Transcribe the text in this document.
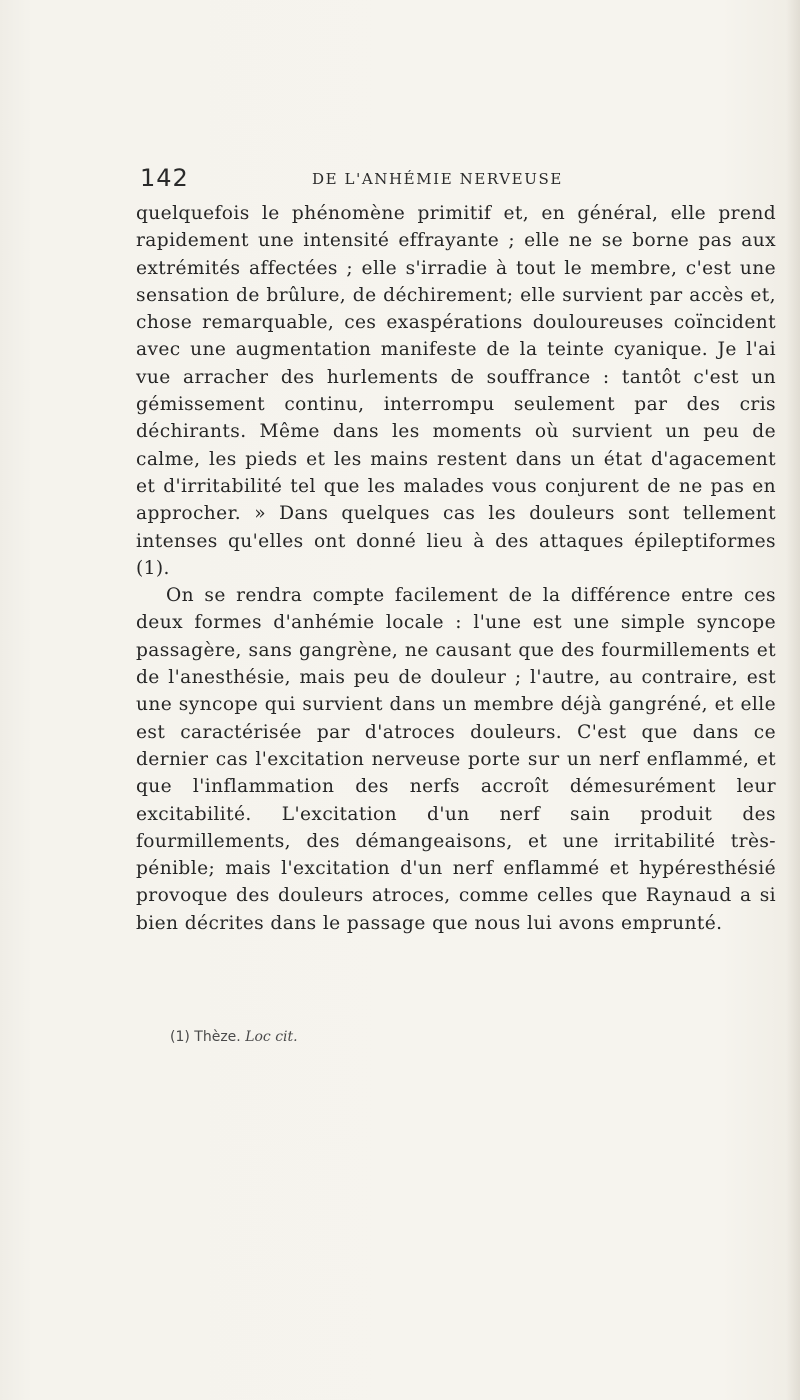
142	DE L'ANHÉMIE NERVEUSE

quelquefois le phénomène primitif et, en général, elle prend rapidement une intensité effrayante ; elle ne se borne pas aux extrémités affectées ; elle s'irradie à tout le membre, c'est une sensation de brûlure, de déchirement; elle survient par accès et, chose remarquable, ces exaspérations douloureuses coïncident avec une augmentation manifeste de la teinte cyanique. Je l'ai vue arracher des hurlements de souffrance : tantôt c'est un gémissement continu, interrompu seulement par des cris déchirants. Même dans les moments où survient un peu de calme, les pieds et les mains restent dans un état d'agacement et d'irritabilité tel que les malades vous conjurent de ne pas en approcher. » Dans quelques cas les douleurs sont tellement intenses qu'elles ont donné lieu à des attaques épileptiformes (1).

On se rendra compte facilement de la différence entre ces deux formes d'anhémie locale : l'une est une simple syncope passagère, sans gangrène, ne causant que des fourmillements et de l'anesthésie, mais peu de douleur ; l'autre, au contraire, est une syncope qui survient dans un membre déjà gangréné, et elle est caractérisée par d'atroces douleurs. C'est que dans ce dernier cas l'excitation nerveuse porte sur un nerf enflammé, et que l'inflammation des nerfs accroît démesurément leur excitabilité. L'excitation d'un nerf sain produit des fourmillements, des démangeaisons, et une irritabilité très-pénible; mais l'excitation d'un nerf enflammé et hypéresthésié provoque des douleurs atroces, comme celles que Raynaud a si bien décrites dans le passage que nous lui avons emprunté.

(1) Thèze. Loc cit.
